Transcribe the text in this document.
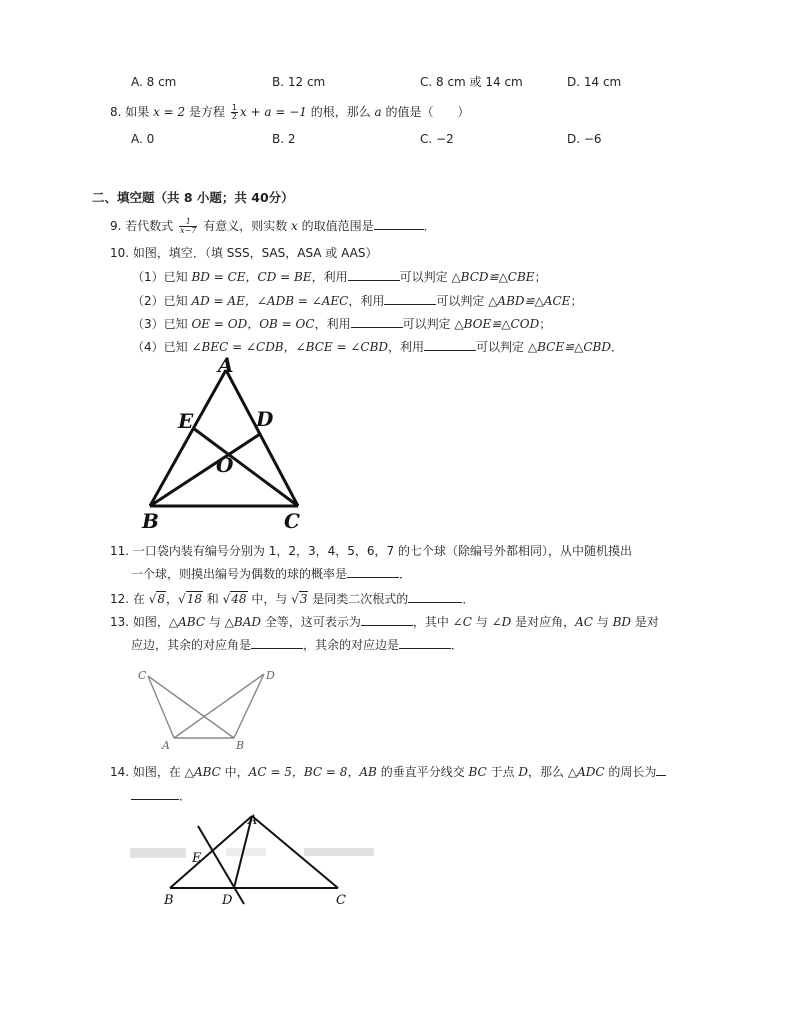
A. 8 cm	B. 12 cm	C. 8 cm 或 14 cm	D. 14 cm
8. 如果 x = 2 是方程 $\frac{1}{2}$ x + a = −1 的根，那么 a 的值是（　　）
A. 0	B. 2	C. −2	D. −6
二、填空题（共 8 小题；共 40分）
9. 若代数式 $\frac{1}{x-7}$ 有意义，则实数 x 的取值范围是	．
10. 如图，填空．（填 SSS，SAS，ASA 或 AAS）
（1）已知 BD = CE，CD = BE，利用	可以判定 △BCD≌△CBE；
（2）已知 AD = AE，∠ADB = ∠AEC，利用	可以判定 △ABD≌△ACE；
（3）已知 OE = OD，OB = OC，利用	可以判定 △BOE≌△COD；
（4）已知 ∠BEC = ∠CDB，∠BCE = ∠CBD，利用	可以判定 △BCE≌△CBD．
A
E	D
O
B	C
11. 一口袋内装有编号分别为 1，2，3，4，5，6，7 的七个球（除编号外都相同），从中随机摸出
一个球，则摸出编号为偶数的球的概率是	．
12. 在 √8，√18 和 √48 中，与 √3 是同类二次根式的	．
13. 如图，△ABC 与 △BAD 全等，这可表示为	，其中 ∠C 与 ∠D 是对应角，AC 与 BD 是对
应边，其余的对应角是	，其余的对应边是	．
C	D
A	B
14. 如图，在 △ABC 中，AC = 5，BC = 8，AB 的垂直平分线交 BC 于点 D，那么 △ADC 的周长为
．
A
E
B	D	C
